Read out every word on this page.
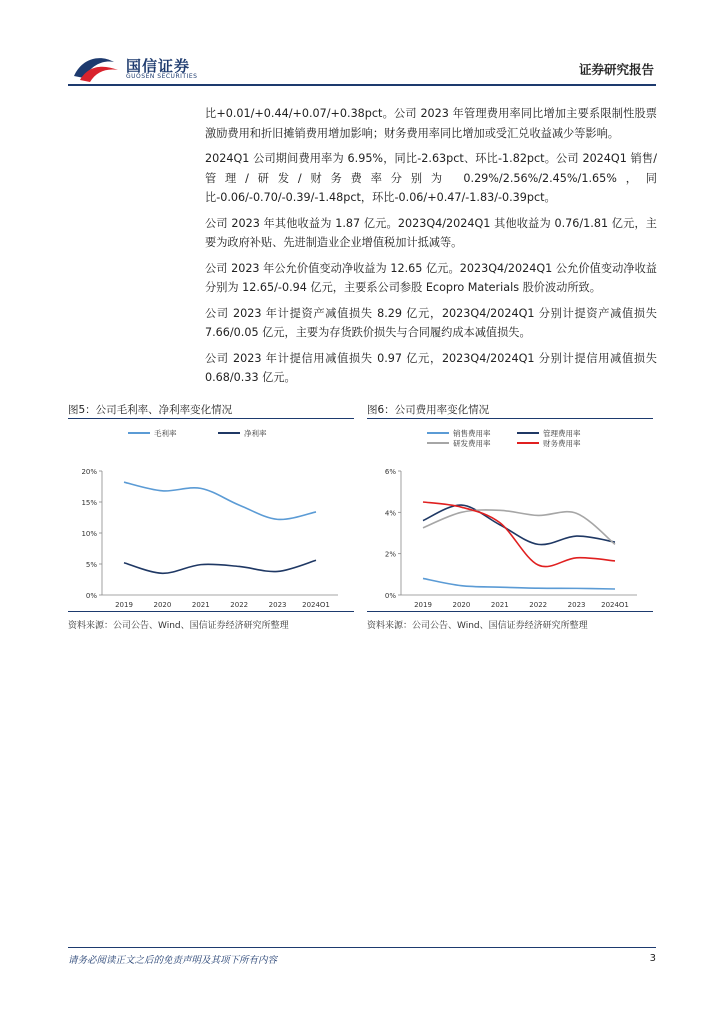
国信证券
GUOSEN SECURITIES	证券研究报告

比+0.01/+0.44/+0.07/+0.38pct。公司 2023 年管理费用率同比增加主要系限制性股票激励费用和折旧摊销费用增加影响；财务费用率同比增加或受汇兑收益减少等影响。

2024Q1 公司期间费用率为 6.95%，同比-2.63pct、环比-1.82pct。公司 2024Q1 销售/管理/研发/财务费率分别为 0.29%/2.56%/2.45%/1.65%，同比-0.06/-0.70/-0.39/-1.48pct，环比-0.06/+0.47/-1.83/-0.39pct。

公司 2023 年其他收益为 1.87 亿元。2023Q4/2024Q1 其他收益为 0.76/1.81 亿元，主要为政府补贴、先进制造业企业增值税加计抵减等。

公司 2023 年公允价值变动净收益为 12.65 亿元。2023Q4/2024Q1 公允价值变动净收益分别为 12.65/-0.94 亿元，主要系公司参股 Ecopro Materials 股价波动所致。

公司 2023 年计提资产减值损失 8.29 亿元，2023Q4/2024Q1 分别计提资产减值损失 7.66/0.05 亿元，主要为存货跌价损失与合同履约成本减值损失。

公司 2023 年计提信用减值损失 0.97 亿元，2023Q4/2024Q1 分别计提信用减值损失 0.68/0.33 亿元。

图5：公司毛利率、净利率变化情况
0%
5%
10%
15%
20%
2019	2020	2021	2022	2023 2024Q1
毛利率	净利率
资料来源：公司公告、Wind、国信证券经济研究所整理
图6：公司费用率变化情况
0%
2%
4%
6%
2019	2020	2021	2022	2023 2024Q1
销售费用率	管理费用率
研发费用率	财务费用率
资料来源：公司公告、Wind、国信证券经济研究所整理
请务必阅读正文之后的免责声明及其项下所有内容	3
